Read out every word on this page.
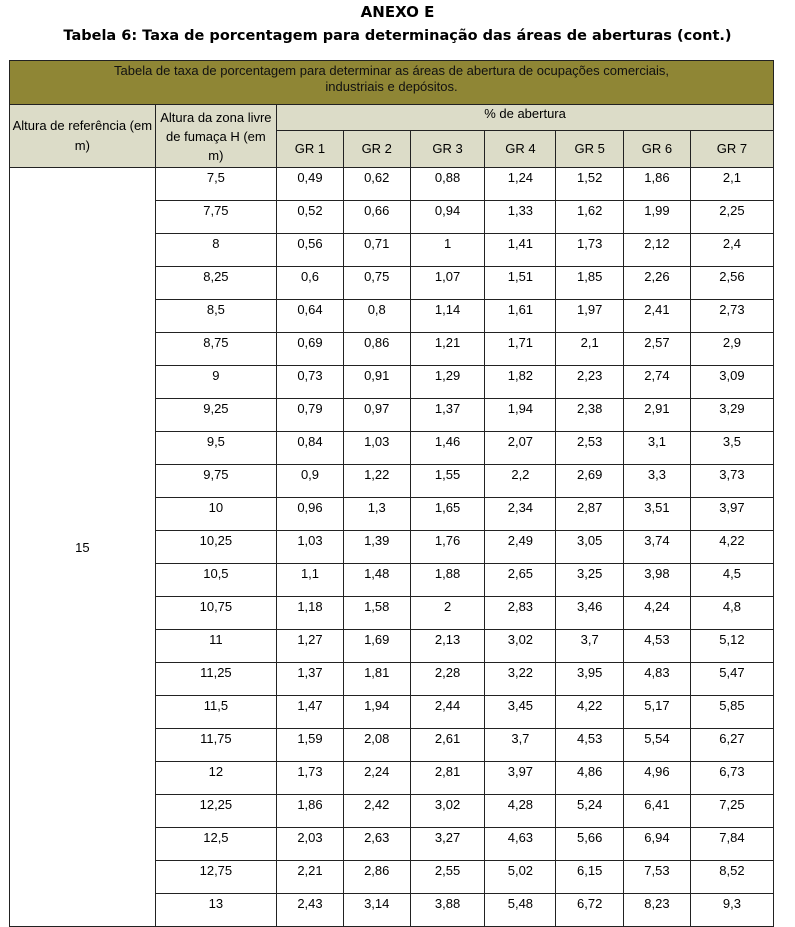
ANEXO E
Tabela 6: Taxa de porcentagem para determinação das áreas de aberturas (cont.)
Tabela de taxa de porcentagem para determinar as áreas de abertura de ocupações comerciais,
industriais e depósitos.								

Altura de referência (em m)	Altura da zona livre de fumaça H (em m)	% de abertura						
		GR 1	GR 2	GR 3	GR 4	GR 5	GR 6	GR 7
15	7,5	0,49	0,62	0,88	1,24	1,52	1,86	2,1
	7,75	0,52	0,66	0,94	1,33	1,62	1,99	2,25
	8	0,56	0,71	1	1,41	1,73	2,12	2,4
	8,25	0,6	0,75	1,07	1,51	1,85	2,26	2,56
	8,5	0,64	0,8	1,14	1,61	1,97	2,41	2,73
	8,75	0,69	0,86	1,21	1,71	2,1	2,57	2,9
	9	0,73	0,91	1,29	1,82	2,23	2,74	3,09
	9,25	0,79	0,97	1,37	1,94	2,38	2,91	3,29
	9,5	0,84	1,03	1,46	2,07	2,53	3,1	3,5
	9,75	0,9	1,22	1,55	2,2	2,69	3,3	3,73
	10	0,96	1,3	1,65	2,34	2,87	3,51	3,97
	10,25	1,03	1,39	1,76	2,49	3,05	3,74	4,22
	10,5	1,1	1,48	1,88	2,65	3,25	3,98	4,5
	10,75	1,18	1,58	2	2,83	3,46	4,24	4,8
	11	1,27	1,69	2,13	3,02	3,7	4,53	5,12
	11,25	1,37	1,81	2,28	3,22	3,95	4,83	5,47
	11,5	1,47	1,94	2,44	3,45	4,22	5,17	5,85
	11,75	1,59	2,08	2,61	3,7	4,53	5,54	6,27
	12	1,73	2,24	2,81	3,97	4,86	4,96	6,73
	12,25	1,86	2,42	3,02	4,28	5,24	6,41	7,25
	12,5	2,03	2,63	3,27	4,63	5,66	6,94	7,84
	12,75	2,21	2,86	2,55	5,02	6,15	7,53	8,52
	13	2,43	3,14	3,88	5,48	6,72	8,23	9,3
